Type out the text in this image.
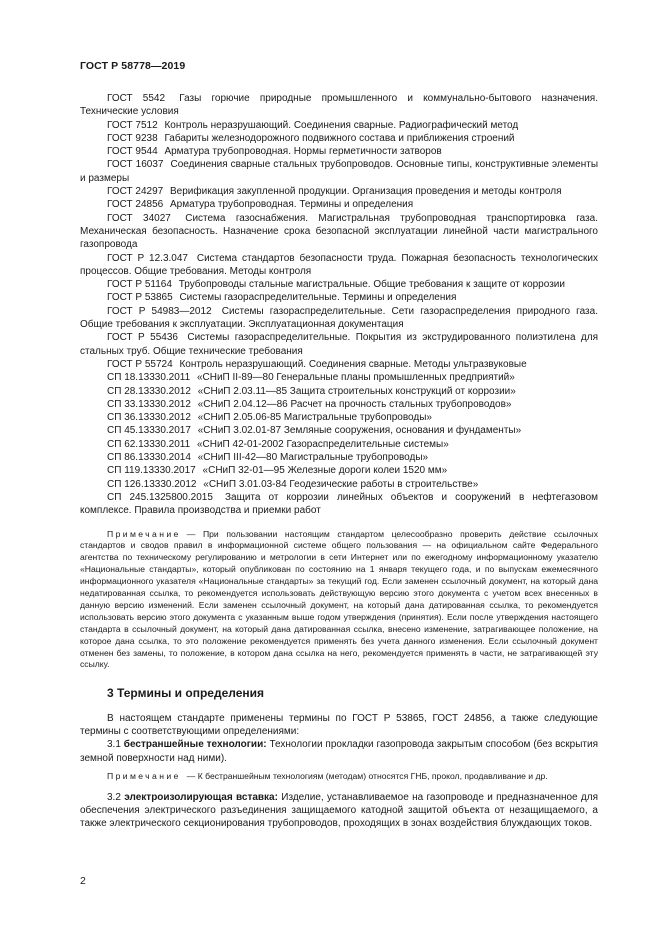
ГОСТ Р 58778—2019

ГОСТ 5542 Газы горючие природные промышленного и коммунально-бытового назначения. Технические условия

ГОСТ 7512 Контроль неразрушающий. Соединения сварные. Радиографический метод

ГОСТ 9238 Габариты железнодорожного подвижного состава и приближения строений

ГОСТ 9544 Арматура трубопроводная. Нормы герметичности затворов

ГОСТ 16037 Соединения сварные стальных трубопроводов. Основные типы, конструктивные элементы и размеры

ГОСТ 24297 Верификация закупленной продукции. Организация проведения и методы контроля

ГОСТ 24856 Арматура трубопроводная. Термины и определения

ГОСТ 34027 Система газоснабжения. Магистральная трубопроводная транспортировка газа. Механическая безопасность. Назначение срока безопасной эксплуатации линейной части магистрального газопровода

ГОСТ Р 12.3.047 Система стандартов безопасности труда. Пожарная безопасность технологических процессов. Общие требования. Методы контроля

ГОСТ Р 51164 Трубопроводы стальные магистральные. Общие требования к защите от коррозии

ГОСТ Р 53865 Системы газораспределительные. Термины и определения

ГОСТ Р 54983—2012 Системы газораспределительные. Сети газораспределения природного газа. Общие требования к эксплуатации. Эксплуатационная документация

ГОСТ Р 55436 Системы газораспределительные. Покрытия из экструдированного полиэтилена для стальных труб. Общие технические требования

ГОСТ Р 55724 Контроль неразрушающий. Соединения сварные. Методы ультразвуковые

СП 18.13330.2011 «СНиП II-89—80 Генеральные планы промышленных предприятий»

СП 28.13330.2012 «СНиП 2.03.11—85 Защита строительных конструкций от коррозии»

СП 33.13330.2012 «СНиП 2.04.12—86 Расчет на прочность стальных трубопроводов»

СП 36.13330.2012 «СНиП 2.05.06-85 Магистральные трубопроводы»

СП 45.13330.2017 «СНиП 3.02.01-87 Земляные сооружения, основания и фундаменты»

СП 62.13330.2011 «СНиП 42-01-2002 Газораспределительные системы»

СП 86.13330.2014 «СНиП III-42—80 Магистральные трубопроводы»

СП 119.13330.2017 «СНиП 32-01—95 Железные дороги колеи 1520 мм»

СП 126.13330.2012 «СНиП 3.01.03-84 Геодезические работы в строительстве»

СП 245.1325800.2015 Защита от коррозии линейных объектов и сооружений в нефтегазовом комплексе. Правила производства и приемки работ

Примечание — При пользовании настоящим стандартом целесообразно проверить действие ссылочных стандартов и сводов правил в информационной системе общего пользования — на официальном сайте Федерального агентства по техническому регулированию и метрологии в сети Интернет или по ежегодному информационному указателю «Национальные стандарты», который опубликован по состоянию на 1 января текущего года, и по выпускам ежемесячного информационного указателя «Национальные стандарты» за текущий год. Если заменен ссылочный документ, на который дана недатированная ссылка, то рекомендуется использовать действующую версию этого документа с учетом всех внесенных в данную версию изменений. Если заменен ссылочный документ, на который дана датированная ссылка, то рекомендуется использовать версию этого документа с указанным выше годом утверждения (принятия). Если после утверждения настоящего стандарта в ссылочный документ, на который дана датированная ссылка, внесено изменение, затрагивающее положение, на которое дана ссылка, то это положение рекомендуется применять без учета данного изменения. Если ссылочный документ отменен без замены, то положение, в котором дана ссылка на него, рекомендуется применять в части, не затрагивающей эту ссылку.

3 Термины и определения

В настоящем стандарте применены термины по ГОСТ Р 53865, ГОСТ 24856, а также следующие термины с соответствующими определениями:

3.1 бестраншейные технологии: Технологии прокладки газопровода закрытым способом (без вскрытия земной поверхности над ними).

Примечание — К бестраншейным технологиям (методам) относятся ГНБ, прокол, продавливание и др.

3.2 электроизолирующая вставка: Изделие, устанавливаемое на газопроводе и предназначенное для обеспечения электрического разъединения защищаемого катодной защитой объекта от незащищаемого, а также электрического секционирования трубопроводов, проходящих в зонах воздействия блуждающих токов.

2
